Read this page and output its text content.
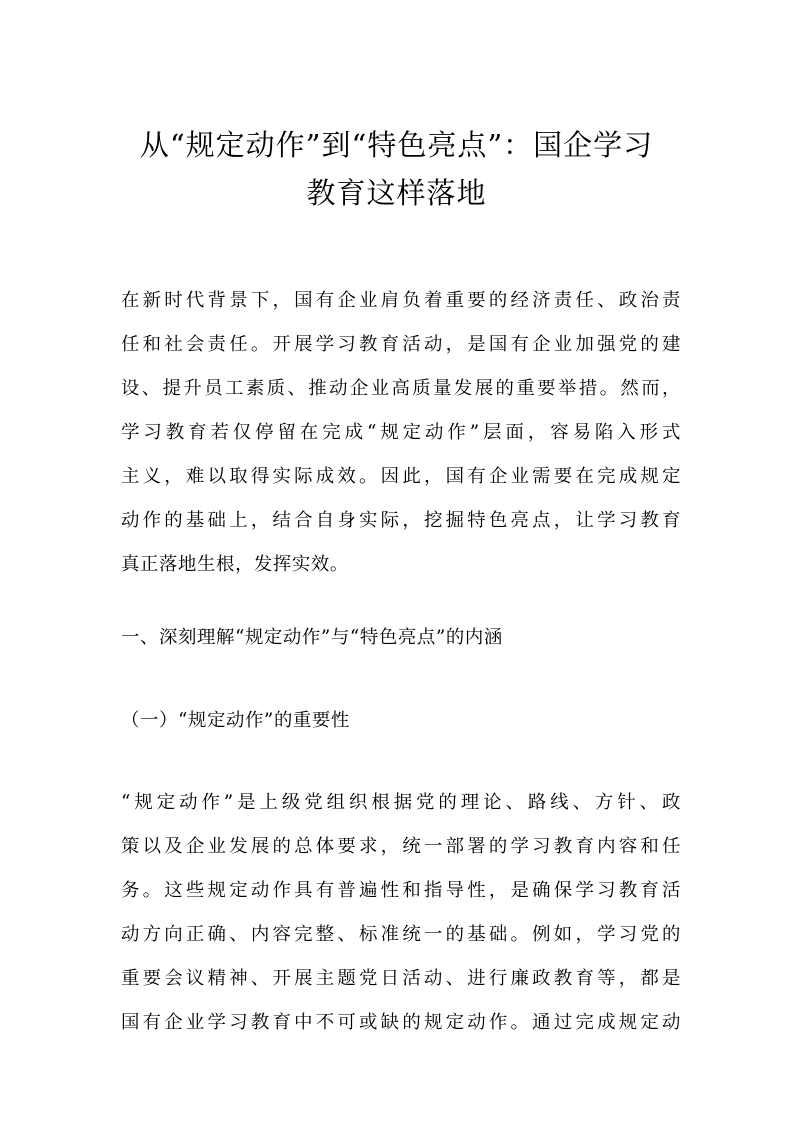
从“规定动作”到“特色亮点”：国企学习
教育这样落地
在新时代背景下，国有企业肩负着重要的经济责任、政治责
任和社会责任。开展学习教育活动，是国有企业加强党的建
设、提升员工素质、推动企业高质量发展的重要举措。然而，
学习教育若仅停留在完成“规定动作”层面，容易陷入形式
主义，难以取得实际成效。因此，国有企业需要在完成规定
动作的基础上，结合自身实际，挖掘特色亮点，让学习教育
真正落地生根，发挥实效。
一、深刻理解“规定动作”与“特色亮点”的内涵
（一）“规定动作”的重要性
“规定动作”是上级党组织根据党的理论、路线、方针、政
策以及企业发展的总体要求，统一部署的学习教育内容和任
务。这些规定动作具有普遍性和指导性，是确保学习教育活
动方向正确、内容完整、标准统一的基础。例如，学习党的
重要会议精神、开展主题党日活动、进行廉政教育等，都是
国有企业学习教育中不可或缺的规定动作。通过完成规定动
